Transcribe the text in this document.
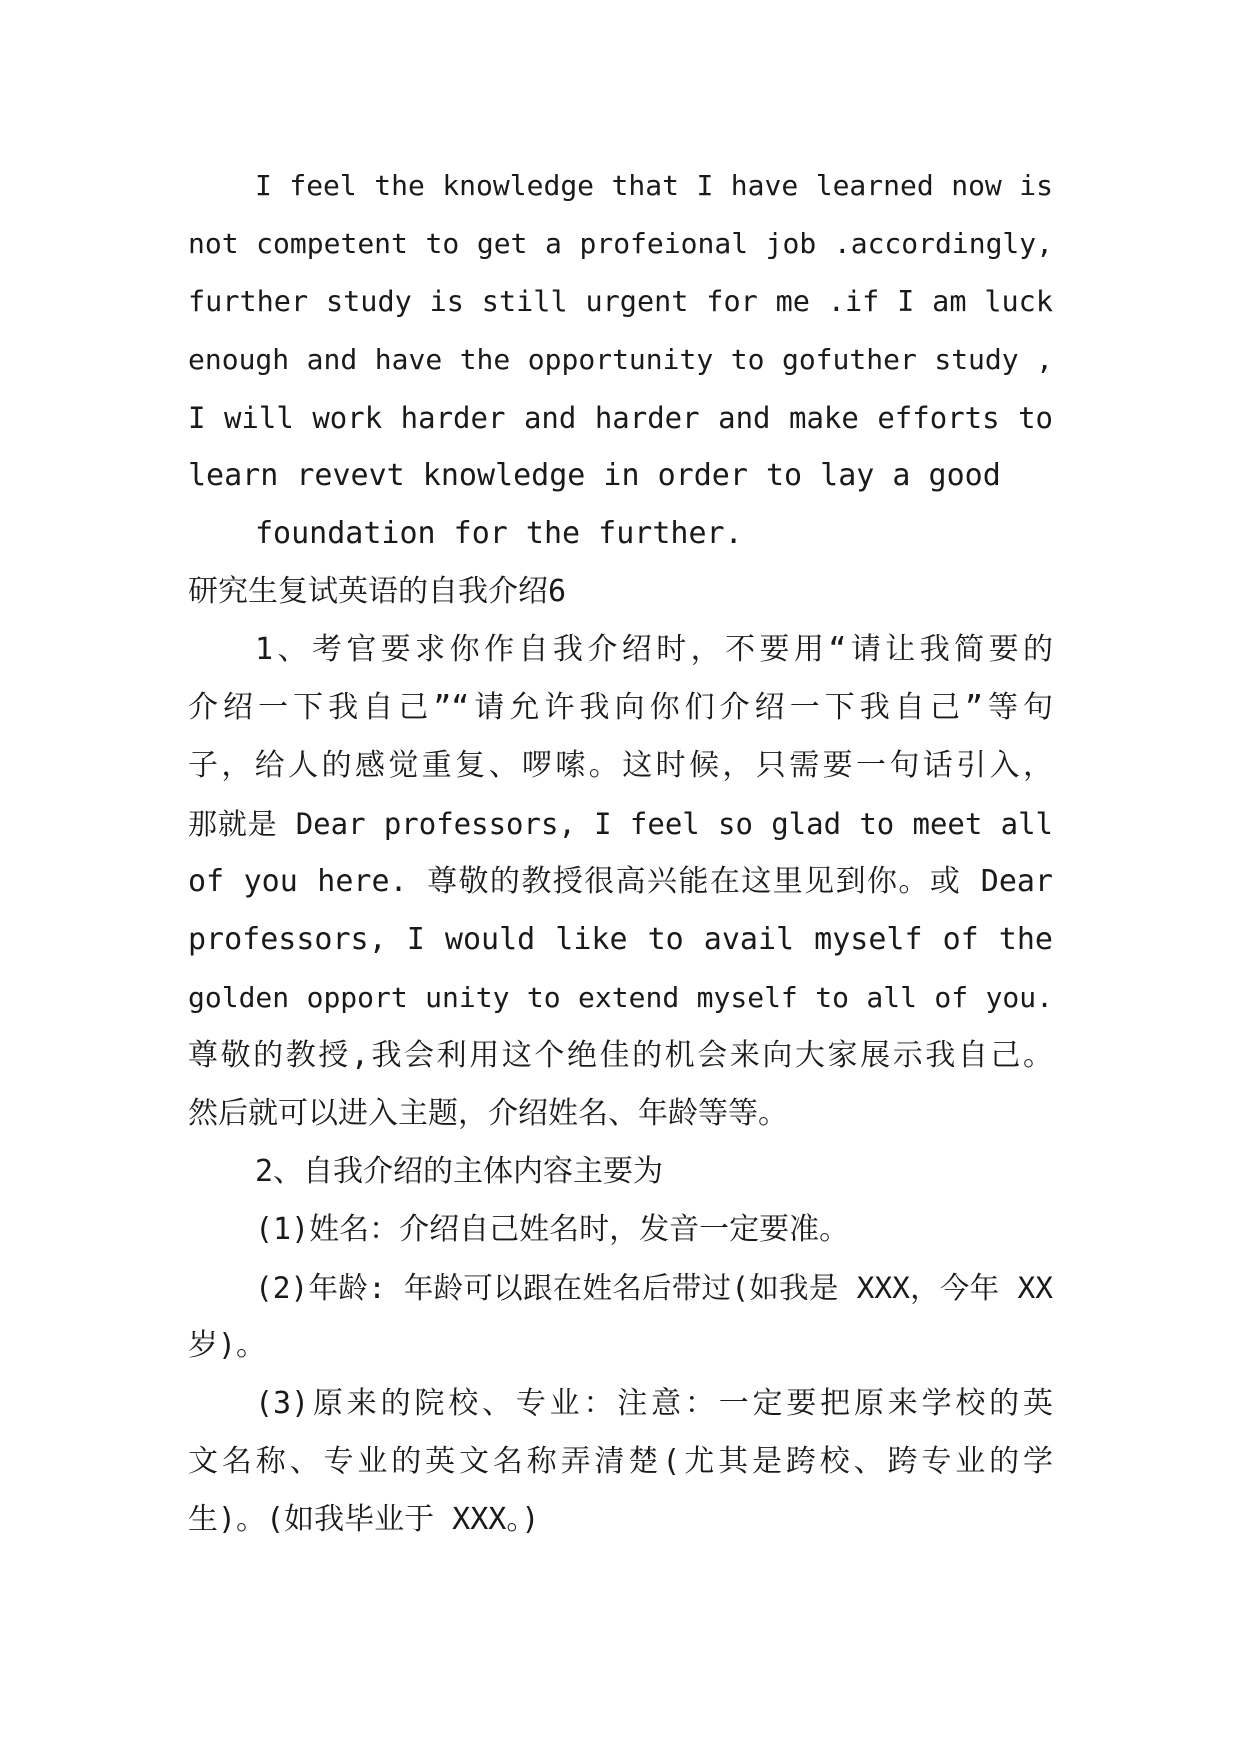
I feel the knowledge that I have learned now is
not competent to get a profeional job .accordingly,
further study is still urgent for me .if I am luck
enough and have the opportunity to gofuther study ,
I will work harder and harder and make efforts to
learn revevt knowledge in order to lay a good
foundation for the further.
研究生复试英语的自我介绍6
1、考官要求你作自我介绍时，不要用“请让我简要的
介绍一下我自己”“请允许我向你们介绍一下我自己”等句
子，给人的感觉重复、啰嗦。这时候，只需要一句话引入，
那就是 Dear professors, I feel so glad to meet all
of you here. 尊敬的教授很高兴能在这里见到你。或 Dear
professors, I would like to avail myself of the
golden opport unity to extend myself to all of you.
尊敬的教授,我会利用这个绝佳的机会来向大家展示我自己。
然后就可以进入主题，介绍姓名、年龄等等。
2、自我介绍的主体内容主要为
(1)姓名：介绍自己姓名时，发音一定要准。
(2)年龄: 年龄可以跟在姓名后带过(如我是 XXX，今年 XX
岁)。
(3)原来的院校、专业：注意：一定要把原来学校的英
文名称、专业的英文名称弄清楚(尤其是跨校、跨专业的学
生)。(如我毕业于 XXX。)
